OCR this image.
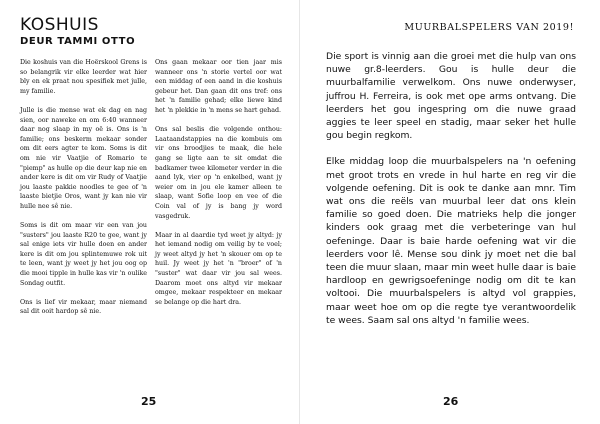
KOSHUIS
DEUR TAMMI OTTO

Die koshuis van die Hoërskool Grens is so belangrik vir elke leerder wat hier bly en ek praat nou spesifiek met julle, my familie.

Julle is die mense wat ek dag en nag sien, oor naweke en om 6:40 wanneer daar nog slaap in my oë is. Ons is 'n familie; ons beskerm mekaar sonder om dit eers agter te kom. Soms is dit om nie vir Vaatjie of Romario te "piemp" as hulle op die deur kap nie en ander kere is dit om vir Rudy of Vaatjie jou laaste pakkie noodles te gee of 'n laaste bietjie Oros, want jy kan nie vir hulle nee sê nie.

Soms is dit om maar vir een van jou "susters" jou laaste R20 te gee, want jy sal enige iets vir hulle doen en ander kere is dit om jou splintemuwe rok uit te leen, want jy weet jy het jou oog op die mooi tipple in hulle kas vir 'n oulike Sondag outfit.

Ons is lief vir mekaar, maar niemand sal dit ooit hardop sê nie.

Ons gaan mekaar oor tien jaar mis wanneer ons 'n storie vertel oor wat een middag of een aand in die koshuis gebeur het. Dan gaan dit ons tref: ons het 'n familie gehad; elke liewe kind het 'n plekkie in 'n mens se hart gehad.

Ons sal beslis die volgende onthou: Laataandstappies na die kombuis om vir ons broodjies te maak, die hele gang se ligte aan te sit omdat die badkamer twee kilometer verder in die aand lyk, vier op 'n enkelbed, want jy weier om in jou ele kamer alleen te slaap, want Sofie loop en vee of die Coin val of jy is bang jy word vasgedruk.

Maar in al daardie tyd weet jy altyd: jy het iemand nodig om veilig by te voel; jy weet altyd jy het 'n skouer om op te huil. Jy weet jy het 'n "broer" of 'n "suster" wat daar vir jou sal wees. Daarom moet ons altyd vir mekaar omgee, mekaar respekteer en mekaar se belange op die hart dra.

25
MUURBALSPELERS VAN 2019!

Die sport is vinnig aan die groei met die hulp van ons nuwe gr.8-leerders. Gou is hulle deur die muurbalfamilie verwelkom. Ons nuwe onderwyser, juffrou H. Ferreira, is ook met ope arms ontvang. Die leerders het gou ingespring om die nuwe graad aggies te leer speel en stadig, maar seker het hulle gou begin regkom.

Elke middag loop die muurbalspelers na 'n oefening met groot trots en vrede in hul harte en reg vir die volgende oefening. Dit is ook te danke aan mnr. Tim wat ons die reëls van muurbal leer dat ons klein familie so goed doen. Die matrieks help die jonger kinders ook graag met die verbeteringe van hul oefeninge. Daar is baie harde oefening wat vir die leerders voor lê. Mense sou dink jy moet net die bal teen die muur slaan, maar min weet hulle daar is baie hardloop en gewrigsoefeninge nodig om dit te kan voltooi. Die muurbalspelers is altyd vol grappies, maar weet hoe om op die regte tye verantwoordelik te wees. Saam sal ons altyd 'n familie wees.

26
